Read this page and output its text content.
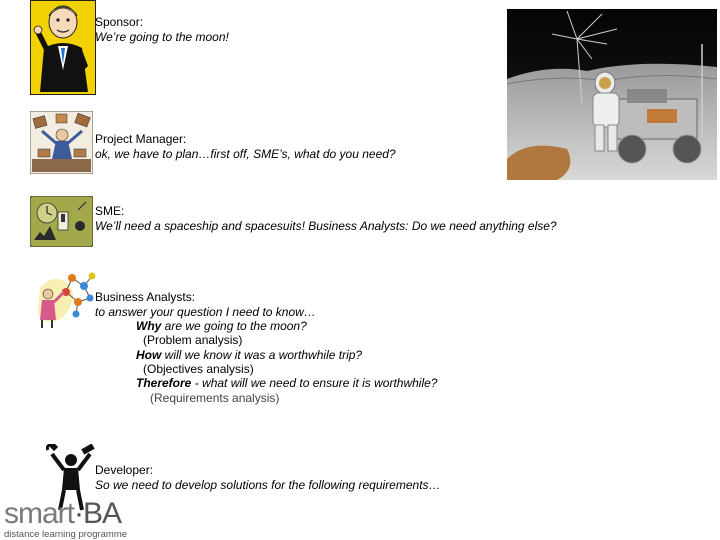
Sponsor:
We’re going to the moon!
Project Manager:
ok, we have to plan…first off, SME’s, what do you need?
SME:
We’ll need a spaceship and spacesuits! Business Analysts: Do we need anything else?
Business Analysts:
to answer your question I need to know…
Why are we going to the moon?
(Problem analysis)
How will we know it was a worthwhile trip?
(Objectives analysis)
Therefore - what will we need to ensure it is worthwhile?
(Requirements analysis)
Developer:
So we need to develop solutions for the following requirements…
smart·BA
distance learning programme
